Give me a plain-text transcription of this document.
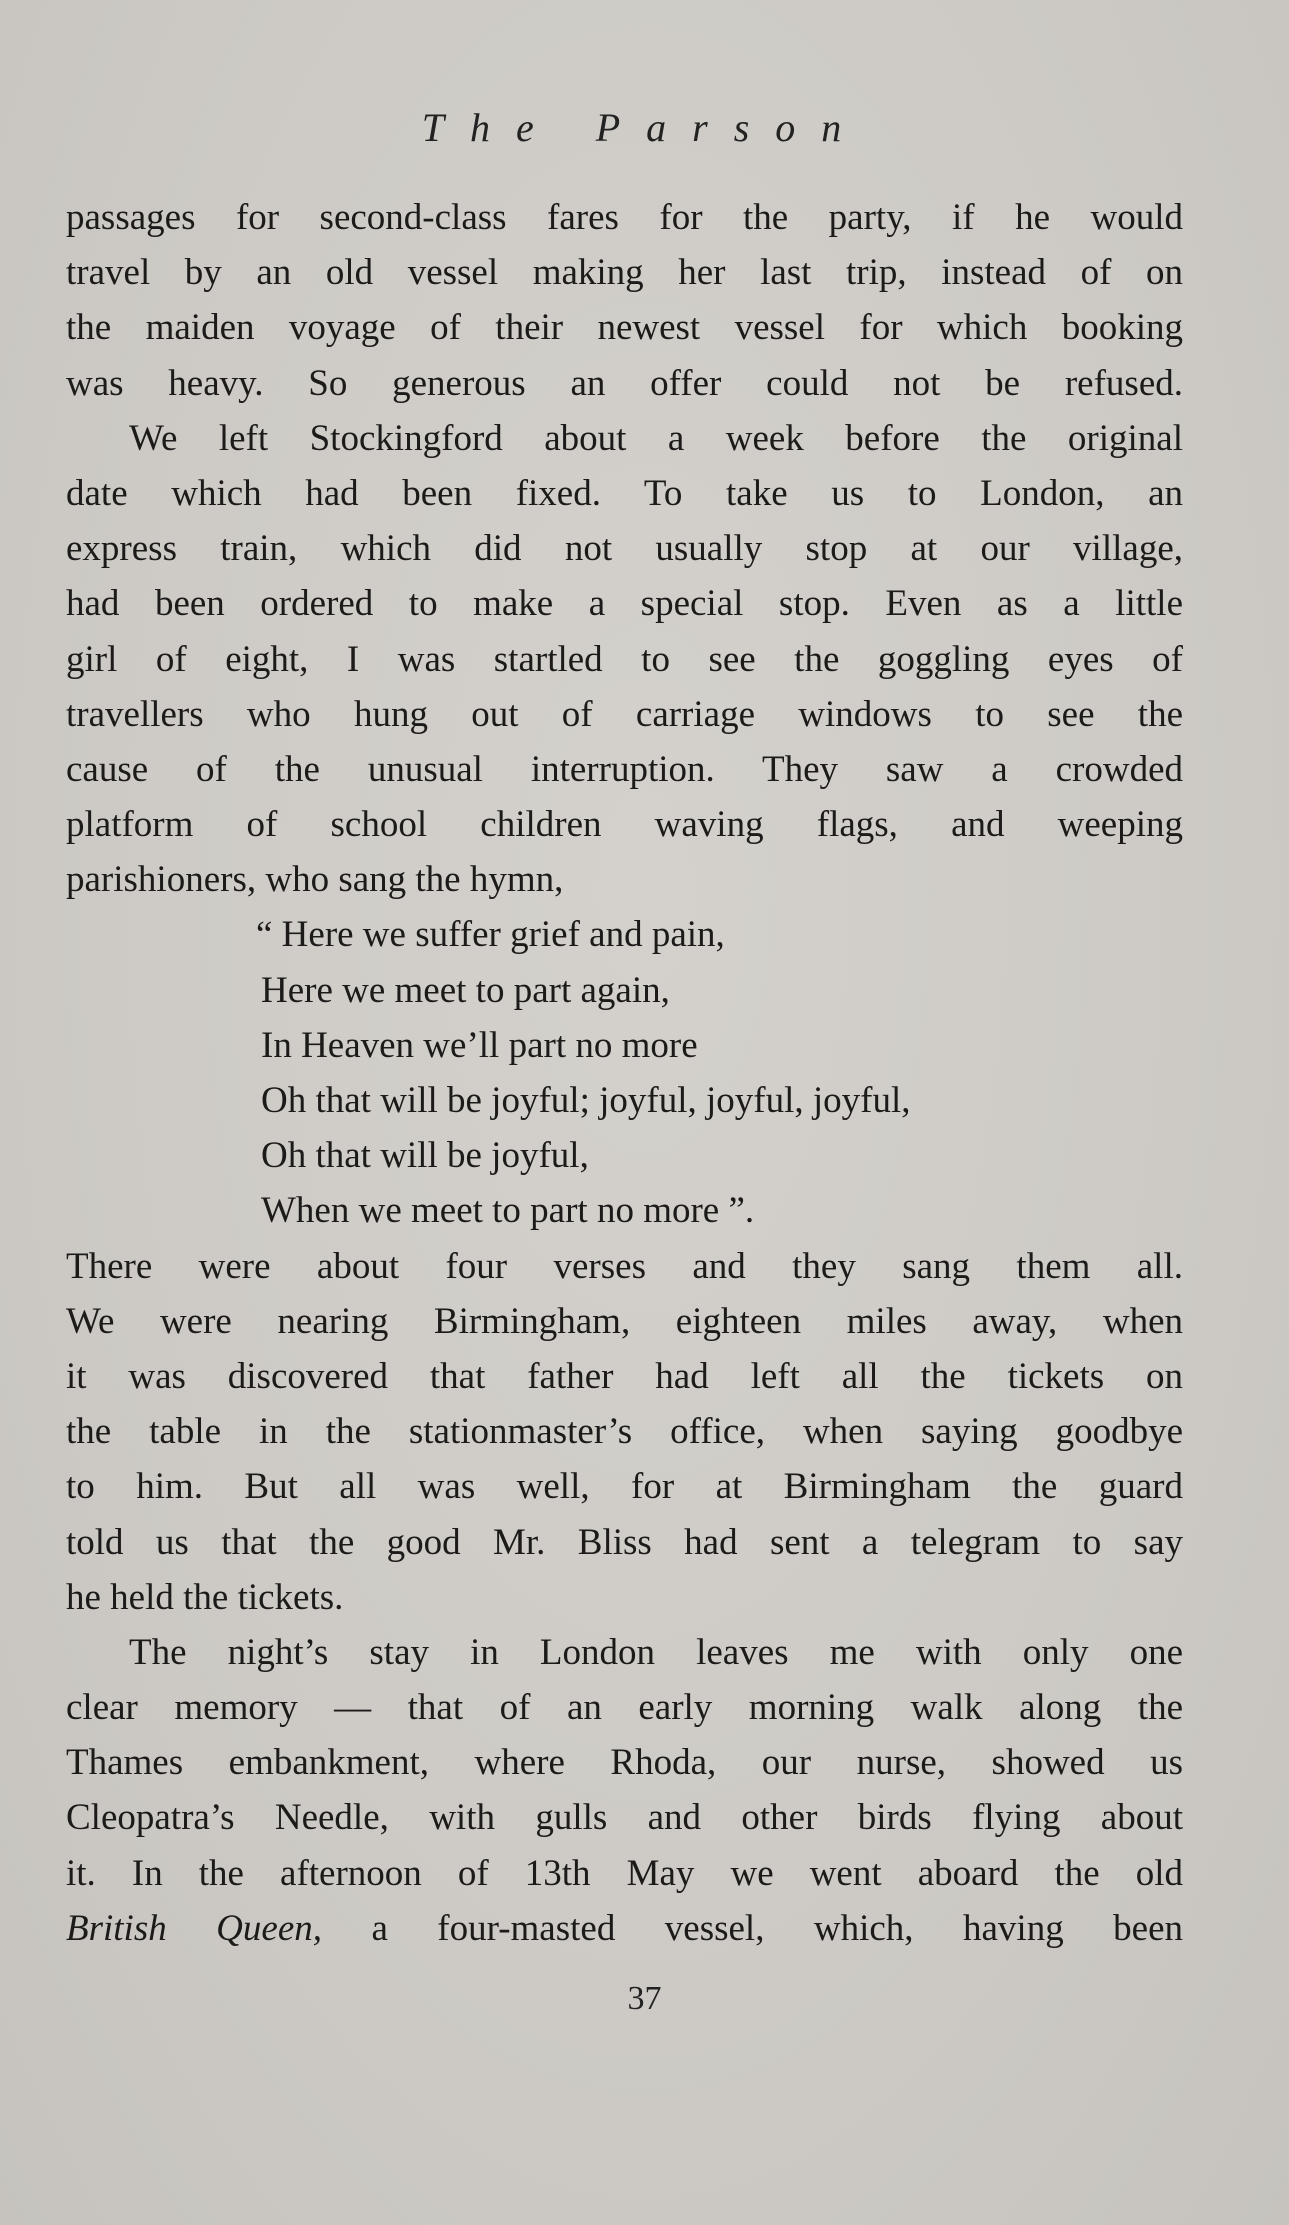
The Parson
passages for second-class fares for the party, if he would
travel by an old vessel making her last trip, instead of on
the maiden voyage of their newest vessel for which booking
was heavy. So generous an offer could not be refused.
We left Stockingford about a week before the original
date which had been fixed. To take us to London, an
express train, which did not usually stop at our village,
had been ordered to make a special stop. Even as a little
girl of eight, I was startled to see the goggling eyes of
travellers who hung out of carriage windows to see the
cause of the unusual interruption. They saw a crowded
platform of school children waving flags, and weeping
parishioners, who sang the hymn,
“ Here we suffer grief and pain,
Here we meet to part again,
In Heaven we’ll part no more
Oh that will be joyful; joyful, joyful, joyful,
Oh that will be joyful,
When we meet to part no more ”.
There were about four verses and they sang them all.
We were nearing Birmingham, eighteen miles away, when
it was discovered that father had left all the tickets on
the table in the stationmaster’s office, when saying goodbye
to him. But all was well, for at Birmingham the guard
told us that the good Mr. Bliss had sent a telegram to say
he held the tickets.
The night’s stay in London leaves me with only one
clear memory — that of an early morning walk along the
Thames embankment, where Rhoda, our nurse, showed us
Cleopatra’s Needle, with gulls and other birds flying about
it. In the afternoon of 13th May we went aboard the old
British Queen, a four-masted vessel, which, having been
37
